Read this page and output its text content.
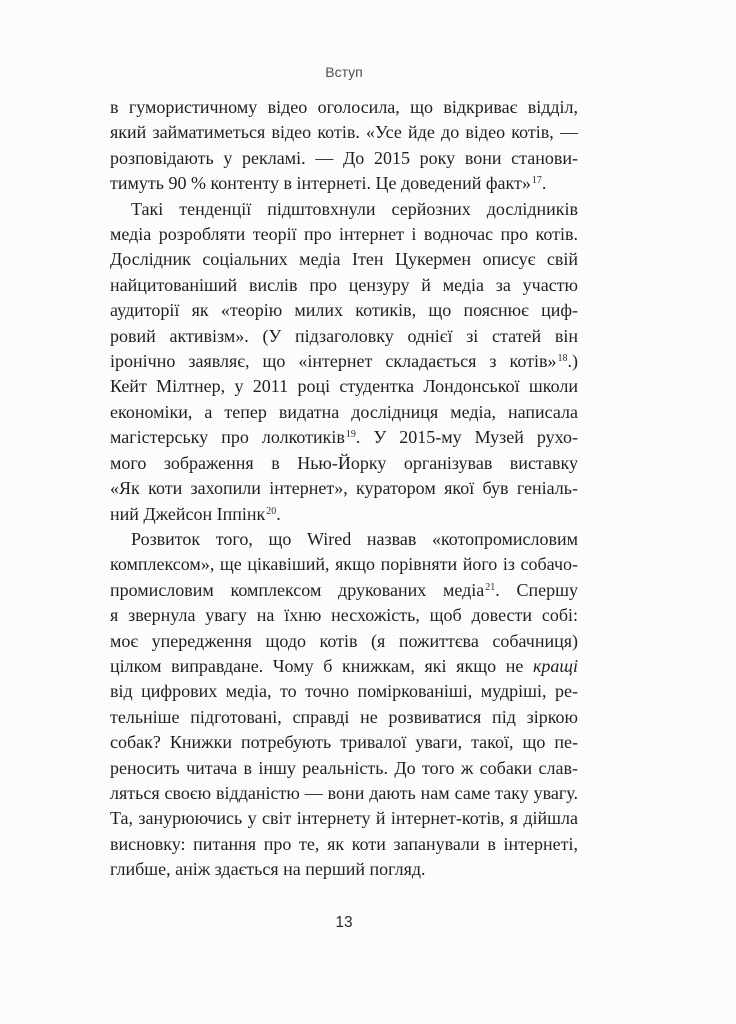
Вступ
в гумористичному відео оголосила, що відкриває відділ,
який займатиметься відео котів. «Усе йде до відео котів, —
розповідають у рекламі. — До 2015 року вони станови-
тимуть 90 % контенту в інтернеті. Це доведений факт»$^{17}$.
Такі тенденції підштовхнули серйозних дослідників
медіа розробляти теорії про інтернет і водночас про котів.
Дослідник соціальних медіа Ітен Цукермен описує свій
найцитованіший вислів про цензуру й медіа за участю
аудиторії як «теорію милих котиків, що пояснює циф-
ровий активізм». (У підзаголовку однієї зі статей він
іронічно заявляє, що «інтернет складається з котів»$^{18}$.)
Кейт Мілтнер, у 2011 році студентка Лондонської школи
економіки, а тепер видатна дослідниця медіа, написала
магістерську про лолкотиків$^{19}$. У 2015-му Музей рухо-
мого зображення в Нью-Йорку організував виставку
«Як коти захопили інтернет», куратором якої був геніаль-
ний Джейсон Іппінк$^{20}$.
Розвиток того, що Wired назвав «котопромисловим
комплексом», ще цікавіший, якщо порівняти його із собачо-
промисловим комплексом друкованих медіа$^{21}$. Спершу
я звернула увагу на їхню несхожість, щоб довести собі:
моє упередження щодо котів (я пожиттєва собачниця)
цілком виправдане. Чому б книжкам, які якщо не кращі
від цифрових медіа, то точно поміркованіші, мудріші, ре-
тельніше підготовані, справді не розвиватися під зіркою
собак? Книжки потребують тривалої уваги, такої, що пе-
реносить читача в іншу реальність. До того ж собаки слав-
ляться своєю відданістю — вони дають нам саме таку увагу.
Та, занурюючись у світ інтернету й інтернет-котів, я дійшла
висновку: питання про те, як коти запанували в інтернеті,
глибше, аніж здається на перший погляд.
13
